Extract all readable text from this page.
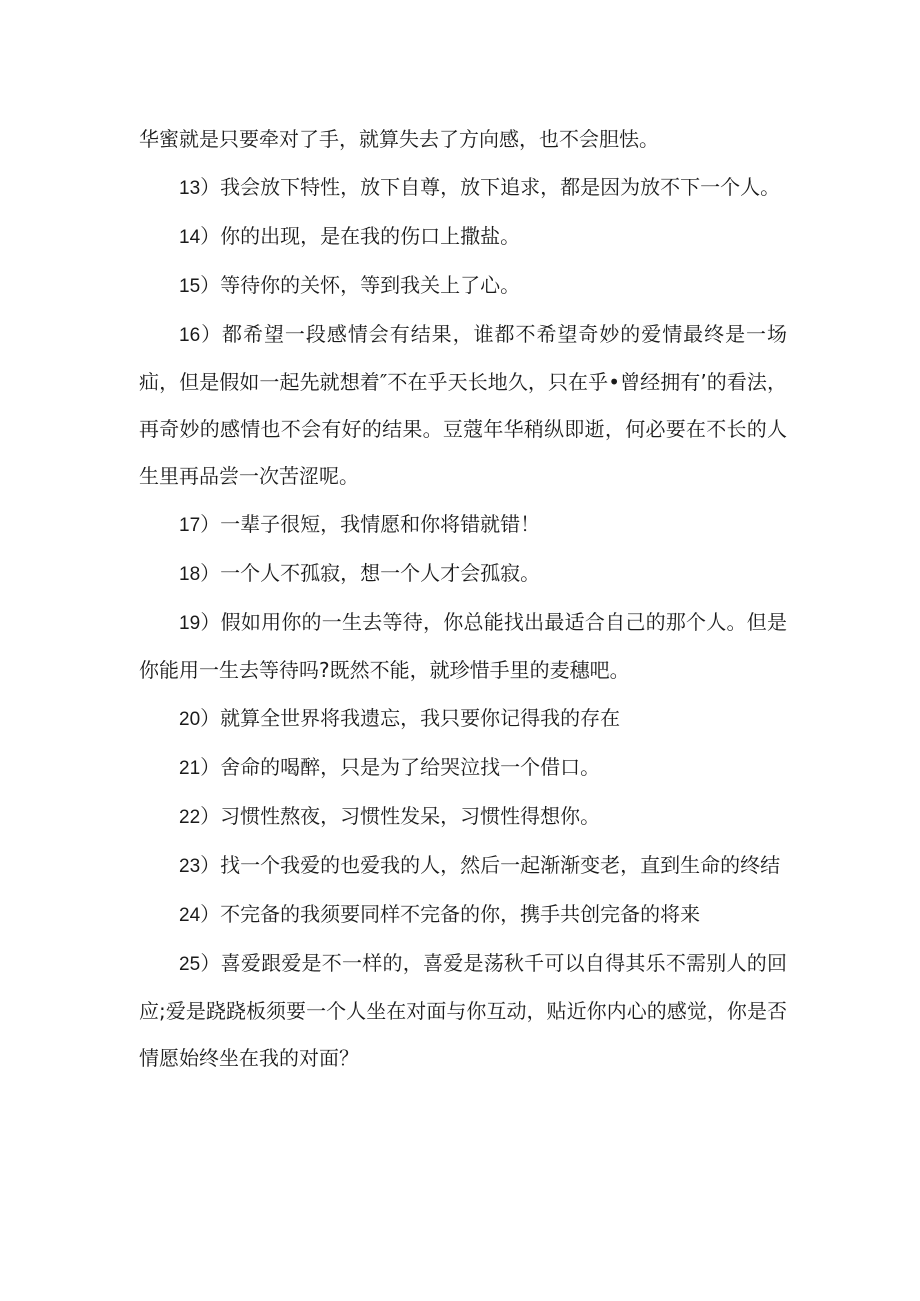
华蜜就是只要牵对了手，就算失去了方向感，也不会胆怯。

13）我会放下特性，放下自尊，放下追求，都是因为放不下一个人。

14）你的出现，是在我的伤口上撒盐。

15）等待你的关怀，等到我关上了心。

16）都希望一段感情会有结果，谁都不希望奇妙的爱情最终是一场疝，但是假如一起先就想着″不在乎天长地久，只在乎•曾经拥有’的看法，再奇妙的感情也不会有好的结果。豆蔻年华稍纵即逝，何必要在不长的人生里再品尝一次苦涩呢。

17）一辈子很短，我情愿和你将错就错！

18）一个人不孤寂，想一个人才会孤寂。

19）假如用你的一生去等待，你总能找出最适合自己的那个人。但是你能用一生去等待吗?既然不能，就珍惜手里的麦穗吧。

20）就算全世界将我遗忘，我只要你记得我的存在

21）舍命的喝醉，只是为了给哭泣找一个借口。

22）习惯性熬夜，习惯性发呆，习惯性得想你。

23）找一个我爱的也爱我的人，然后一起渐渐变老，直到生命的终结

24）不完备的我须要同样不完备的你，携手共创完备的将来

25）喜爱跟爱是不一样的，喜爱是荡秋千可以自得其乐不需别人的回应;爱是跷跷板须要一个人坐在对面与你互动，贴近你内心的感觉，你是否情愿始终坐在我的对面？
